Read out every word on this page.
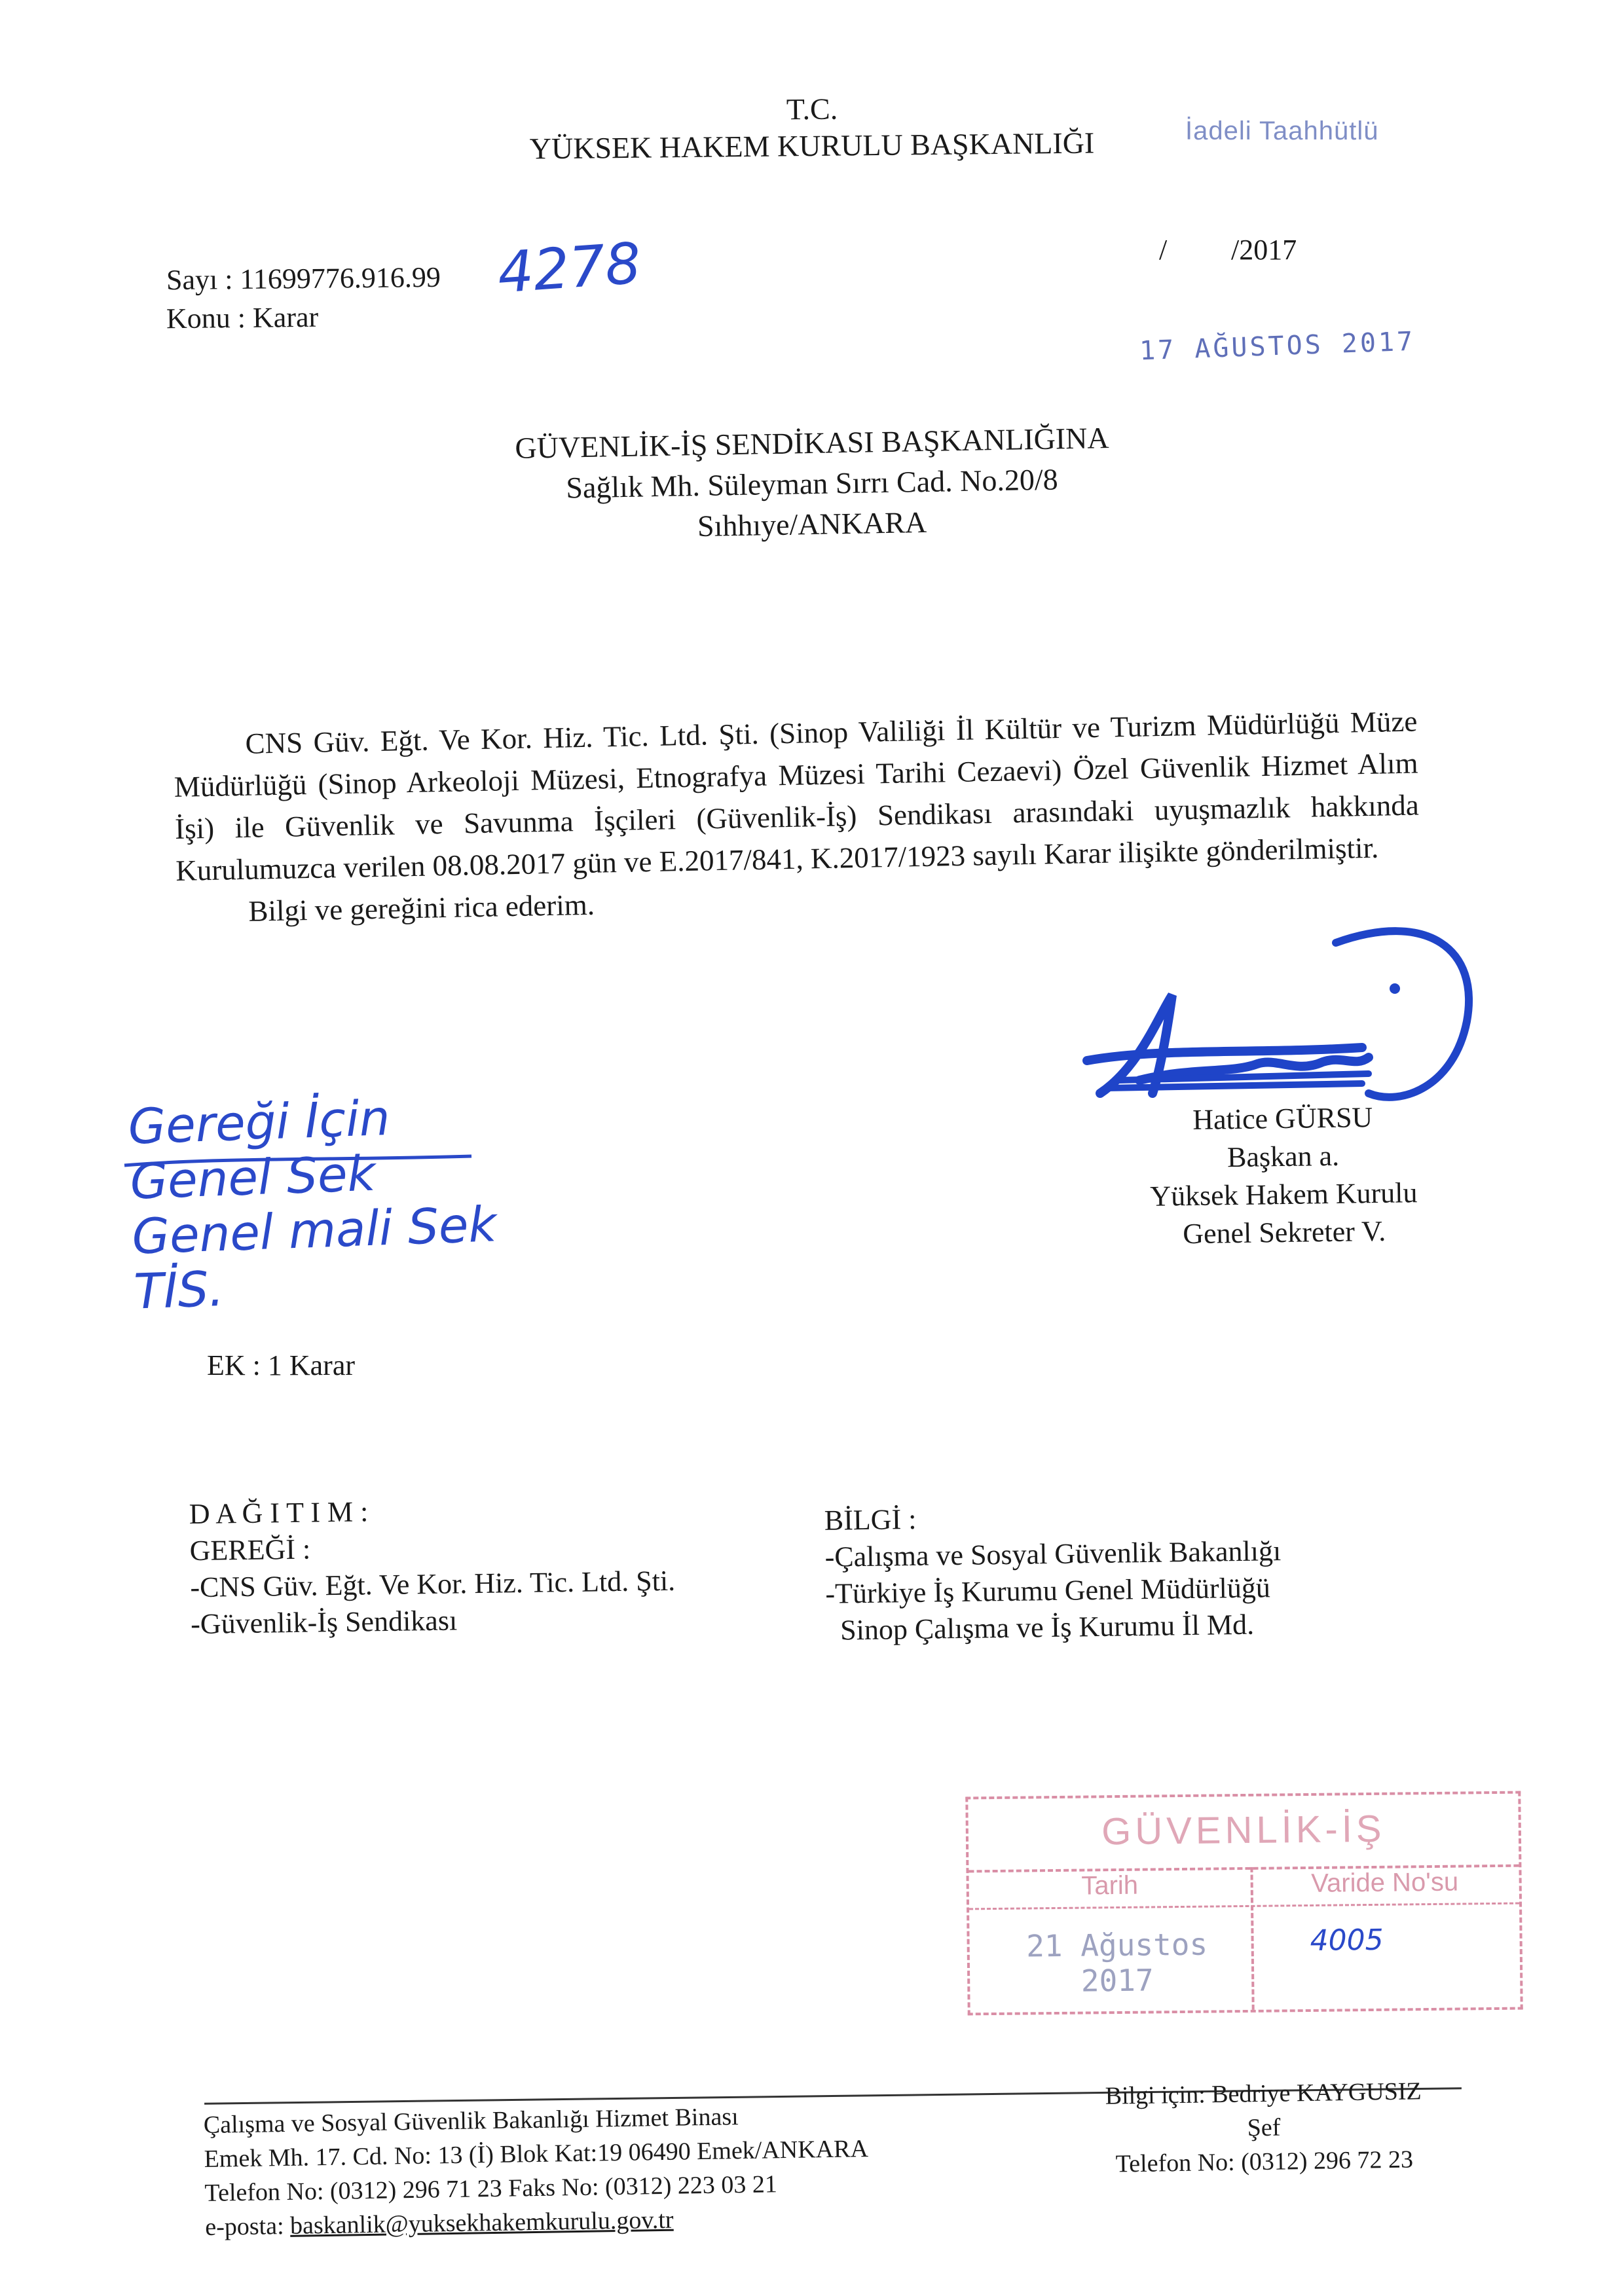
T.C.
YÜKSEK HAKEM KURULU BAŞKANLIĞI	İadeli Taahhütlü
Sayı : 11699776.916.99
Konu : Karar
/ /2017
4278
17 AĞUSTOS 2017
GÜVENLİK-İŞ SENDİKASI BAŞKANLIĞINA
Sağlık Mh. Süleyman Sırrı Cad. No.20/8
Sıhhıye/ANKARA

CNS Güv. Eğt. Ve Kor. Hiz. Tic. Ltd. Şti. (Sinop Valiliği İl Kültür ve Turizm Müdürlüğü Müze Müdürlüğü (Sinop Arkeoloji Müzesi, Etnografya Müzesi Tarihi Cezaevi) Özel Güvenlik Hizmet Alım İşi) ile Güvenlik ve Savunma İşçileri (Güvenlik-İş) Sendikası arasındaki uyuşmazlık hakkında Kurulumuzca verilen 08.08.2017 gün ve E.2017/841, K.2017/1923 sayılı Karar ilişikte gönderilmiştir.

Bilgi ve gereğini rica ederim.

Hatice GÜRSU
Başkan a.
Yüksek Hakem Kurulu
Genel Sekreter V.
Gereği İçin
Genel Sek
Genel mali Sek
TİS.
EK : 1 Karar
D A Ğ I T I M :
GEREĞİ :
-CNS Güv. Eğt. Ve Kor. Hiz. Tic. Ltd. Şti.
-Güvenlik-İş Sendikası
BİLGİ :
-Çalışma ve Sosyal Güvenlik Bakanlığı
-Türkiye İş Kurumu Genel Müdürlüğü
Sinop Çalışma ve İş Kurumu İl Md.
GÜVENLİK-İŞ
Tarih	Varide No'su
21 Ağustos 2017
4005
Çalışma ve Sosyal Güvenlik Bakanlığı Hizmet Binası
Emek Mh. 17. Cd. No: 13 (İ) Blok Kat:19 06490 Emek/ANKARA
Telefon No: (0312) 296 71 23 Faks No: (0312) 223 03 21
e-posta: baskanlik@yuksekhakemkurulu.gov.tr
Bilgi için: Bedriye KAYGUSIZ
Şef
Telefon No: (0312) 296 72 23
